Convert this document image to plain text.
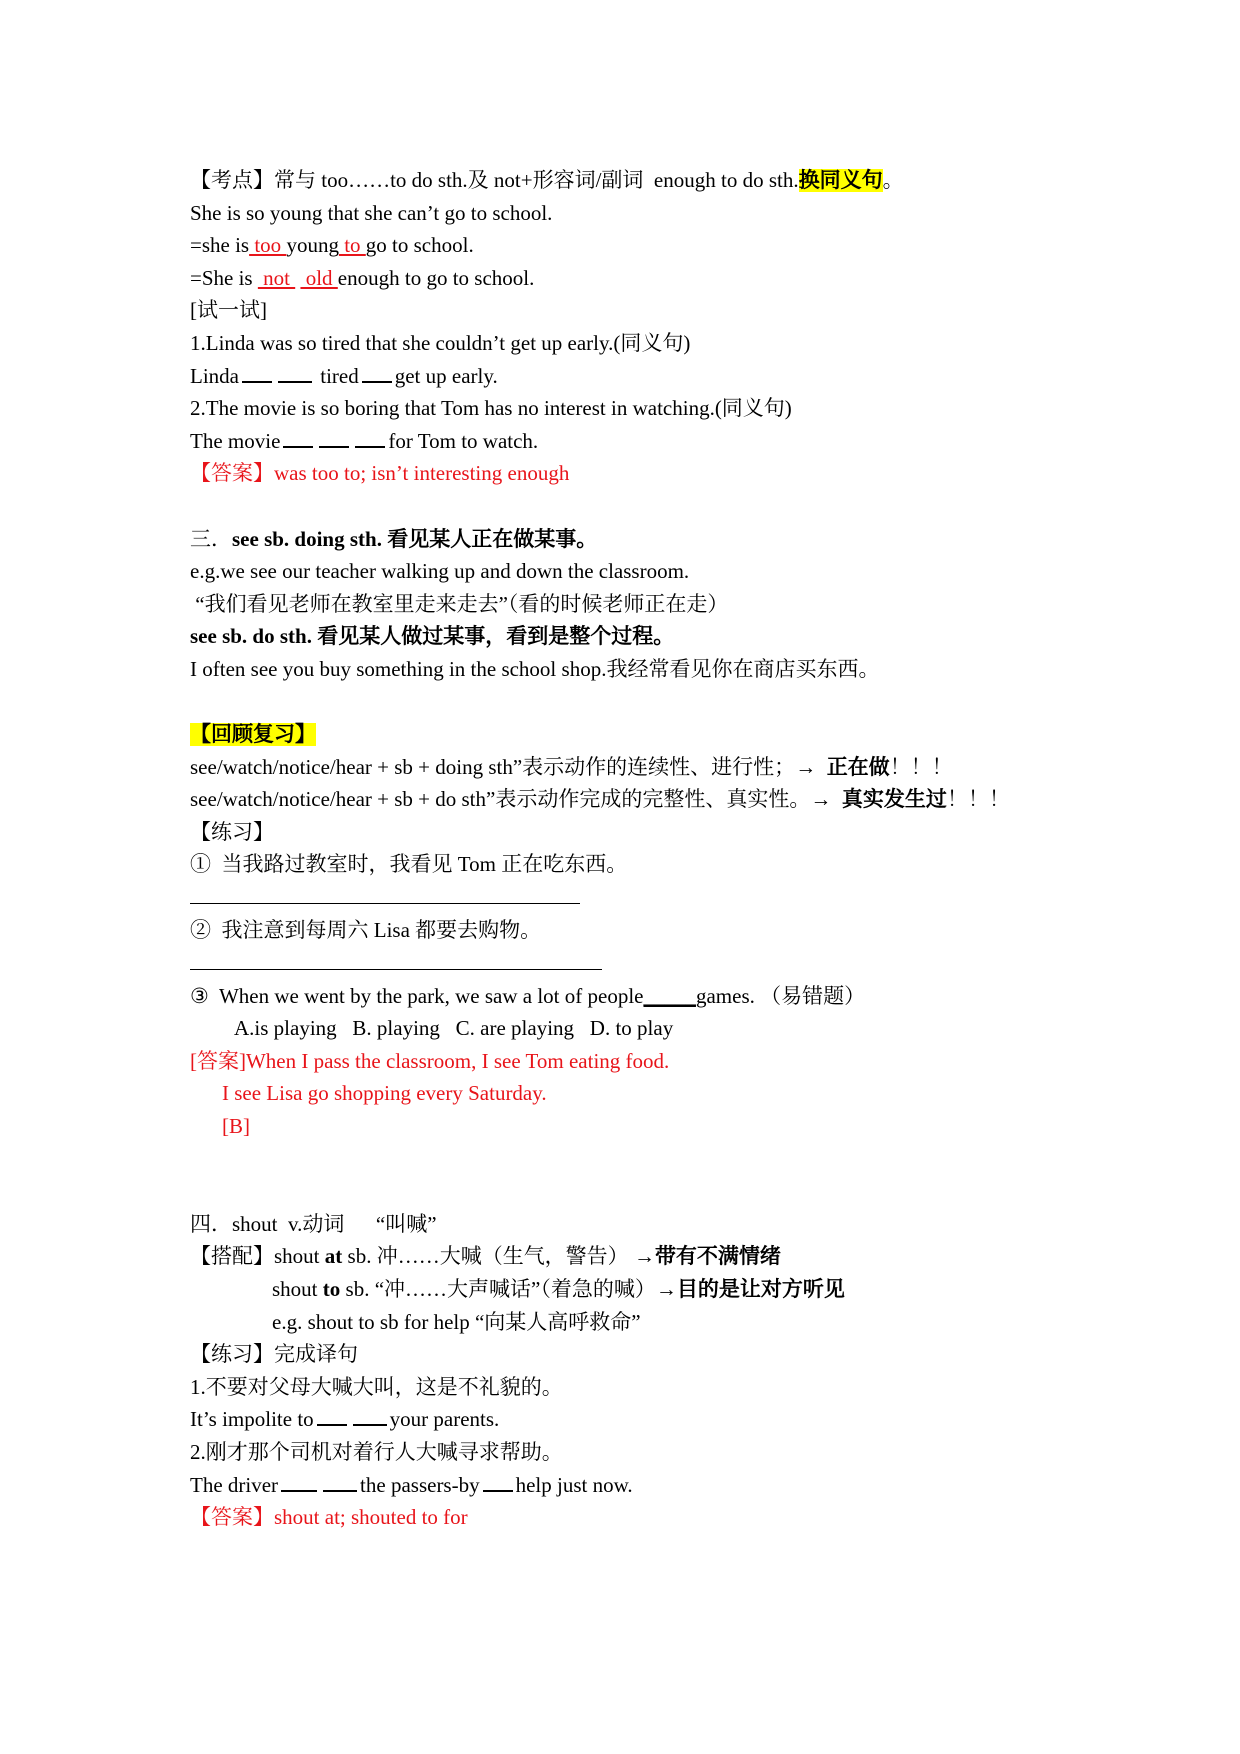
【考点】常与 too……to do sth.及 not+形容词/副词  enough to do sth.换同义句。
She is so young that she can’t go to school.
=she is too young to go to school.
=She is  not   old enough to go to school.
[试一试]
1.Linda was so tired that she couldn’t get up early.(同义句)
Linda	tired get up early.
2.The movie is so boring that Tom has no interest in watching.(同义句)
The movie	for Tom to watch.
【答案】was too to; isn’t interesting enough
三．see sb. doing sth. 看见某人正在做某事。
e.g.we see our teacher walking up and down the classroom.
“我们看见老师在教室里走来走去”（看的时候老师正在走）
see sb. do sth. 看见某人做过某事，看到是整个过程。
I often see you buy something in the school shop.我经常看见你在商店买东西。
【回顾复习】
see/watch/notice/hear + sb + doing sth”表示动作的连续性、进行性；→  正在做！！！
see/watch/notice/hear + sb + do sth”表示动作完成的完整性、真实性。→  真实发生过！！！
【练习】
①  当我路过教室时，我看见 Tom 正在吃东西。
②  我注意到每周六 Lisa 都要去购物。
③  When we went by the park, we saw a lot of people_____games. （易错题）
A.is playing   B. playing   C. are playing   D. to play
[答案]When I pass the classroom, I see Tom eating food.
I see Lisa go shopping every Saturday.
[B]
四．shout  v.动词      “叫喊”
【搭配】shout at sb. 冲……大喊（生气，警告） →带有不满情绪
shout to sb. “冲……大声喊话”（着急的喊）→目的是让对方听见
e.g. shout to sb for help “向某人高呼救命”
【练习】完成译句
1.不要对父母大喊大叫，这是不礼貌的。
It’s impolite to	your parents.
2.刚才那个司机对着行人大喊寻求帮助。
The driver	the passers-by help just now.
【答案】shout at; shouted to for
